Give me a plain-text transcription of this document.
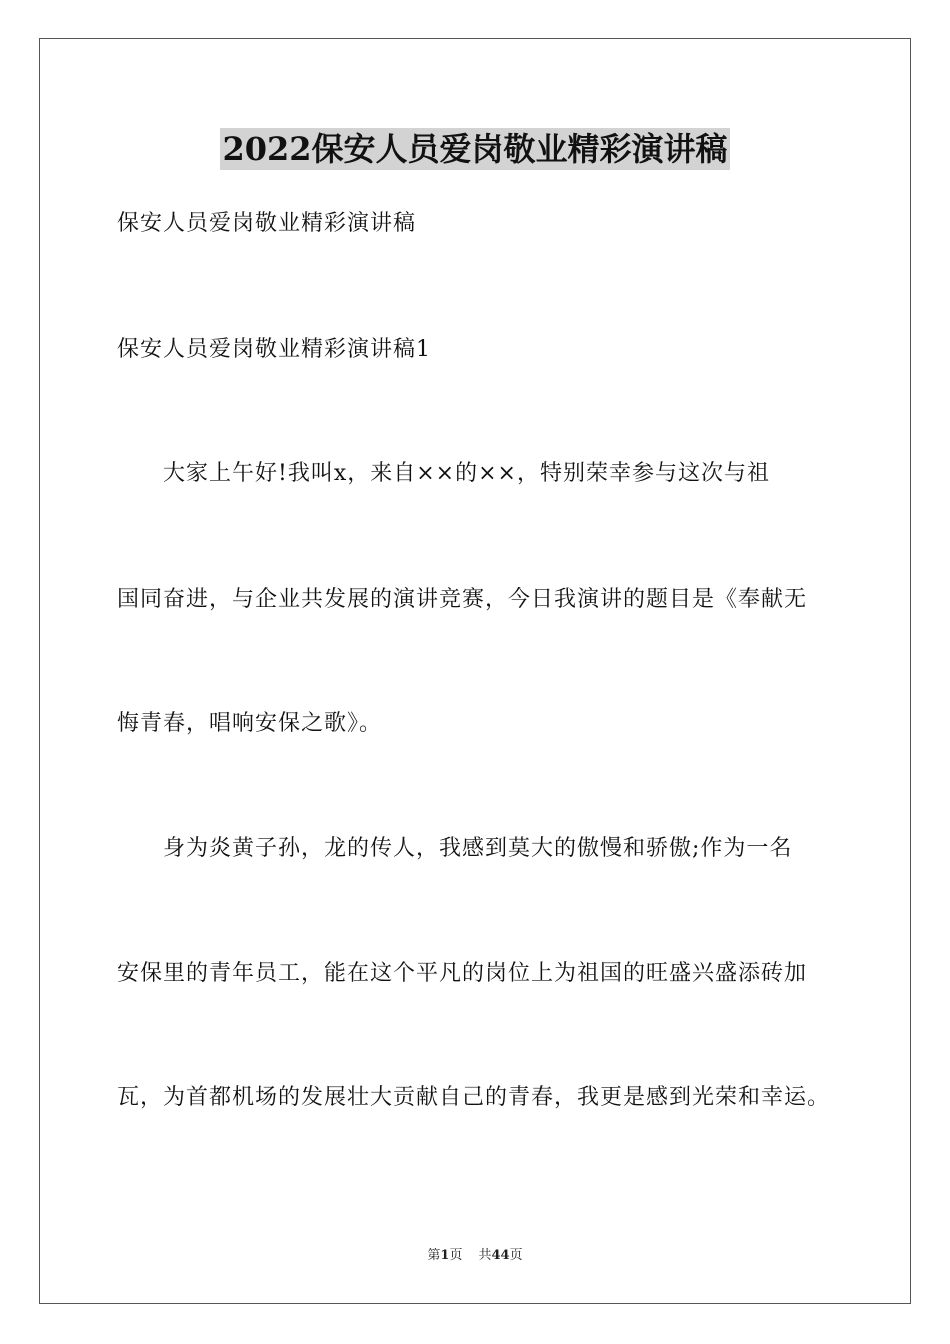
2022保安人员爱岗敬业精彩演讲稿
保安人员爱岗敬业精彩演讲稿
保安人员爱岗敬业精彩演讲稿1
大家上午好!我叫x，来自××的××，特别荣幸参与这次与祖
国同奋进，与企业共发展的演讲竞赛，今日我演讲的题目是《奉献无
悔青春，唱响安保之歌》。
身为炎黄子孙，龙的传人，我感到莫大的傲慢和骄傲;作为一名
安保里的青年员工，能在这个平凡的岗位上为祖国的旺盛兴盛添砖加
瓦，为首都机场的发展壮大贡献自己的青春，我更是感到光荣和幸运。
第1页 共44页
